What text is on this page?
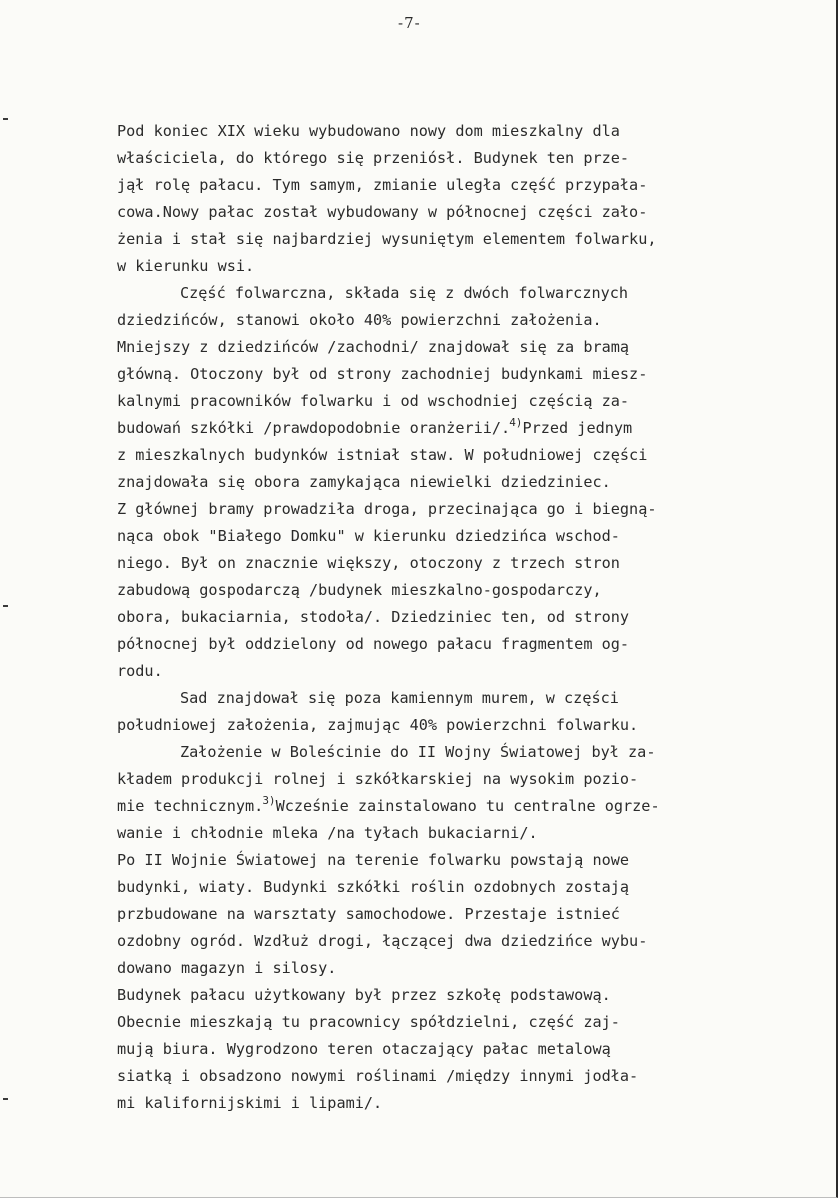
-7-
Pod koniec XIX wieku wybudowano nowy dom mieszkalny dla
właściciela, do którego się przeniósł. Budynek ten prze-
jął rolę pałacu. Tym samym, zmianie uległa część przypała-
cowa.Nowy pałac został wybudowany w północnej części zało-
żenia i stał się najbardziej wysuniętym elementem folwarku,
w kierunku wsi.
Część folwarczna, składa się z dwóch folwarcznych
dziedzińców, stanowi około 40% powierzchni założenia.
Mniejszy z dziedzińców /zachodni/ znajdował się za bramą
główną. Otoczony był od strony zachodniej budynkami miesz-
kalnymi pracowników folwarku i od wschodniej częścią za-
budowań szkółki /prawdopodobnie oranżerii/.$^{4)}$Przed jednym
z mieszkalnych budynków istniał staw. W południowej części
znajdowała się obora zamykająca niewielki dziedziniec.
Z głównej bramy prowadziła droga, przecinająca go i biegną-
nąca obok "Białego Domku" w kierunku dziedzińca wschod-
niego. Był on znacznie większy, otoczony z trzech stron
zabudową gospodarczą /budynek mieszkalno-gospodarczy,
obora, bukaciarnia, stodoła/. Dziedziniec ten, od strony
północnej był oddzielony od nowego pałacu fragmentem og-
rodu.
Sad znajdował się poza kamiennym murem, w części
południowej założenia, zajmując 40% powierzchni folwarku.
Założenie w Boleścinie do II Wojny Światowej był za-
kładem produkcji rolnej i szkółkarskiej na wysokim pozio-
mie technicznym.$^{3)}$Wcześnie zainstalowano tu centralne ogrze-
wanie i chłodnie mleka /na tyłach bukaciarni/.
Po II Wojnie Światowej na terenie folwarku powstają nowe
budynki, wiaty. Budynki szkółki roślin ozdobnych zostają
przbudowane na warsztaty samochodowe. Przestaje istnieć
ozdobny ogród. Wzdłuż drogi, łączącej dwa dziedzińce wybu-
dowano magazyn i silosy.
Budynek pałacu użytkowany był przez szkołę podstawową.
Obecnie mieszkają tu pracownicy spółdzielni, część zaj-
mują biura. Wygrodzono teren otaczający pałac metalową
siatką i obsadzono nowymi roślinami /między innymi jodła-
mi kalifornijskimi i lipami/.
